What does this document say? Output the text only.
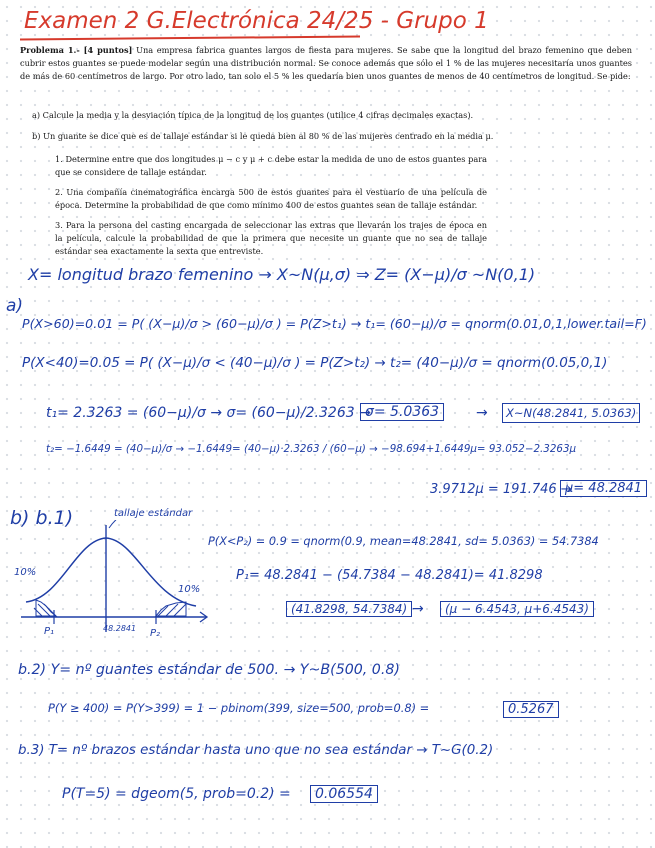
Examen 2 G.Electrónica 24/25 - Grupo 1
Problema 1.- [4 puntos] Una empresa fabrica guantes largos de fiesta para mujeres. Se sabe que la longitud del brazo femenino que deben cubrir estos guantes se puede modelar según una distribución normal. Se conoce además que sólo el 1 % de las mujeres necesitaría unos guantes de más de 60 centímetros de largo. Por otro lado, tan solo el 5 % les quedaría bien unos guantes de menos de 40 centímetros de longitud. Se pide:
a) Calcule la media y la desviación típica de la longitud de los guantes (utilice 4 cifras decimales exactas).
b) Un guante se dice que es de tallaje estándar si le queda bien al 80 % de las mujeres centrado en la media μ.
1. Determine entre que dos longitudes μ − c y μ + c debe estar la medida de uno de estos guantes para que se considere de tallaje estándar.
2. Una compañía cinematográfica encarga 500 de estos guantes para el vestuario de una película de época. Determine la probabilidad de que como mínimo 400 de estos guantes sean de tallaje estándar.
3. Para la persona del casting encargada de seleccionar las extras que llevarán los trajes de época en la película, calcule la probabilidad de que la primera que necesite un guante que no sea de tallaje estándar sea exactamente la sexta que entreviste.
X= longitud brazo femenino → X~N(μ,σ) ⇒ Z= (X−μ)/σ ~N(0,1)
a)
P(X>60)=0.01 = P( (X−μ)/σ > (60−μ)/σ ) = P(Z>t₁) → t₁= (60−μ)/σ = qnorm(0.01,0,1,lower.tail=F)
P(X<40)=0.05 = P( (X−μ)/σ < (40−μ)/σ ) = P(Z>t₂) → t₂= (40−μ)/σ = qnorm(0.05,0,1)
t₁= 2.3263 = (60−μ)/σ → σ= (60−μ)/2.3263 →
σ= 5.0363	→	X~N(48.2841, 5.0363)
t₂= −1.6449 = (40−μ)/σ → −1.6449= (40−μ)·2.3263 / (60−μ) → −98.694+1.6449μ= 93.052−2.3263μ
3.9712μ = 191.746 →
μ= 48.2841
b) b.1)	tallaje estándar
10%
10%
P₁	P₂
48.2841
P(X<P₂) = 0.9 = qnorm(0.9, mean=48.2841, sd= 5.0363) = 54.7384
P₁= 48.2841 − (54.7384 − 48.2841)= 41.8298
(41.8298, 54.7384) →	(μ − 6.4543, μ+6.4543)
b.2) Y= nº guantes estándar de 500. → Y~B(500, 0.8)
P(Y ≥ 400) = P(Y>399) = 1 − pbinom(399, size=500, prob=0.8) =	0.5267
b.3) T= nº brazos estándar hasta uno que no sea estándar → T~G(0.2)
P(T=5) = dgeom(5, prob=0.2) =	0.06554
